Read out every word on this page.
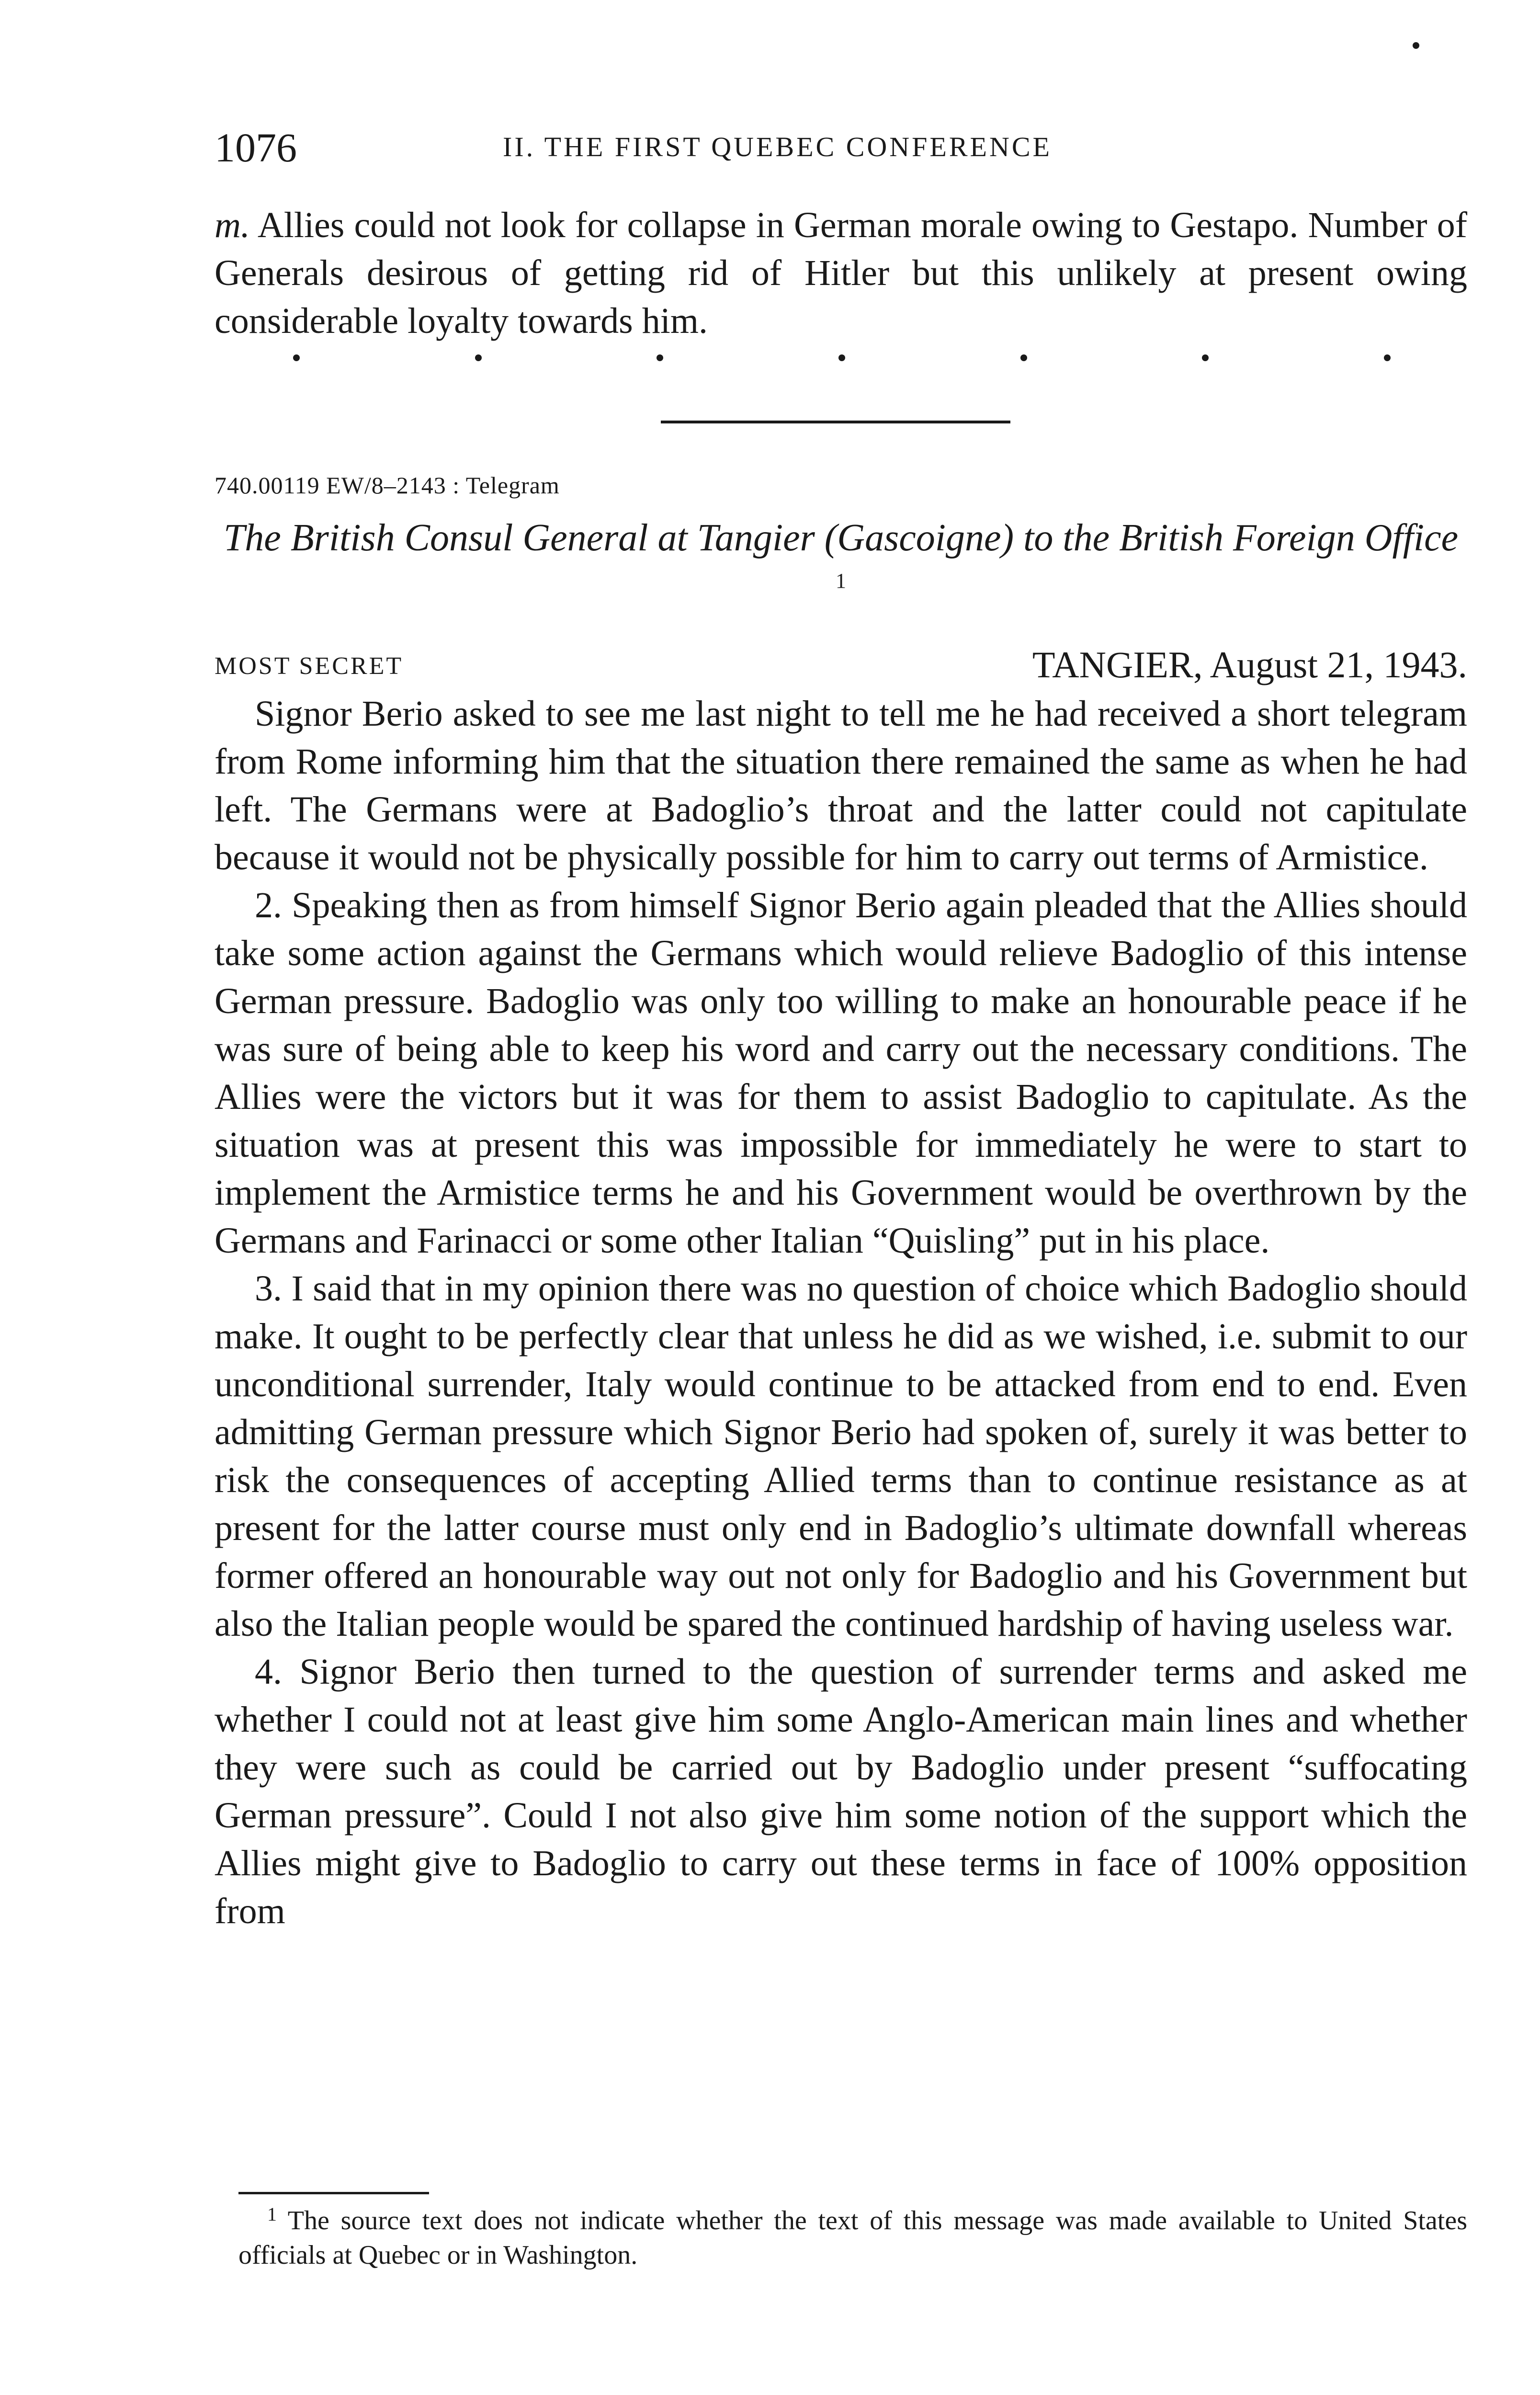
1076	II. THE FIRST QUEBEC CONFERENCE

m. Allies could not look for collapse in German morale owing to Gestapo. Number of Generals desirous of getting rid of Hitler but this unlikely at present owing considerable loyalty towards him.

740.00119 EW/8–2143 : Telegram
The British Consul General at Tangier (Gascoigne) to the British Foreign Office $^1$
MOST SECRET	TANGIER, August 21, 1943.

Signor Berio asked to see me last night to tell me he had received a short telegram from Rome informing him that the situation there remained the same as when he had left. The Germans were at Badoglio’s throat and the latter could not capitulate because it would not be physically possible for him to carry out terms of Armistice.

2. Speaking then as from himself Signor Berio again pleaded that the Allies should take some action against the Germans which would relieve Badoglio of this intense German pressure. Badoglio was only too willing to make an honourable peace if he was sure of being able to keep his word and carry out the necessary conditions. The Allies were the victors but it was for them to assist Badoglio to capitulate. As the situation was at present this was impossible for immediately he were to start to implement the Armistice terms he and his Government would be overthrown by the Germans and Farinacci or some other Italian “Quisling” put in his place.

3. I said that in my opinion there was no question of choice which Badoglio should make. It ought to be perfectly clear that unless he did as we wished, i.e. submit to our unconditional surrender, Italy would continue to be attacked from end to end. Even admitting German pressure which Signor Berio had spoken of, surely it was better to risk the consequences of accepting Allied terms than to continue resistance as at present for the latter course must only end in Badoglio’s ultimate downfall whereas former offered an honourable way out not only for Badoglio and his Government but also the Italian people would be spared the continued hardship of having useless war.

4. Signor Berio then turned to the question of surrender terms and asked me whether I could not at least give him some Anglo-American main lines and whether they were such as could be carried out by Badoglio under present “suffocating German pressure”. Could I not also give him some notion of the support which the Allies might give to Badoglio to carry out these terms in face of 100% opposition from

$^1$ The source text does not indicate whether the text of this message was made available to United States officials at Quebec or in Washington.
